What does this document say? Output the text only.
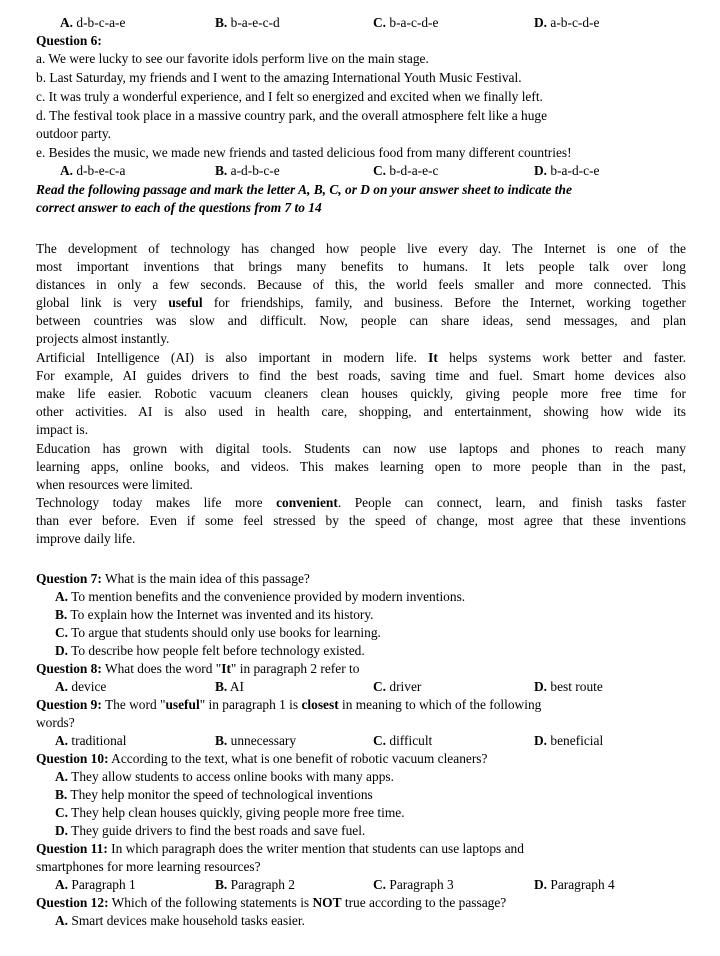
A. d-b-c-a-e	B. b-a-e-c-d	C. b-a-c-d-e	D. a-b-c-d-e
Question 6:
a. We were lucky to see our favorite idols perform live on the main stage.
b. Last Saturday, my friends and I went to the amazing International Youth Music Festival.
c. It was truly a wonderful experience, and I felt so energized and excited when we finally left.
d. The festival took place in a massive country park, and the overall atmosphere felt like a huge
outdoor party.
e. Besides the music, we made new friends and tasted delicious food from many different countries!
A. d-b-e-c-a	B. a-d-b-c-e	C. b-d-a-e-c	D. b-a-d-c-e
Read the following passage and mark the letter A, B, C, or D on your answer sheet to indicate the
correct answer to each of the questions from 7 to 14
The development of technology has changed how people live every day. The Internet is one of the
most important inventions that brings many benefits to humans. It lets people talk over long
distances in only a few seconds. Because of this, the world feels smaller and more connected. This
global link is very useful for friendships, family, and business. Before the Internet, working together
between countries was slow and difficult. Now, people can share ideas, send messages, and plan
projects almost instantly.
Artificial Intelligence (AI) is also important in modern life. It helps systems work better and faster.
For example, AI guides drivers to find the best roads, saving time and fuel. Smart home devices also
make life easier. Robotic vacuum cleaners clean houses quickly, giving people more free time for
other activities. AI is also used in health care, shopping, and entertainment, showing how wide its
impact is.
Education has grown with digital tools. Students can now use laptops and phones to reach many
learning apps, online books, and videos. This makes learning open to more people than in the past,
when resources were limited.
Technology today makes life more convenient. People can connect, learn, and finish tasks faster
than ever before. Even if some feel stressed by the speed of change, most agree that these inventions
improve daily life.
Question 7: What is the main idea of this passage?
A. To mention benefits and the convenience provided by modern inventions.
B. To explain how the Internet was invented and its history.
C. To argue that students should only use books for learning.
D. To describe how people felt before technology existed.
Question 8: What does the word "It" in paragraph 2 refer to
A. device	B. AI	C. driver	D. best route
Question 9: The word "useful" in paragraph 1 is closest in meaning to which of the following
words?
A. traditional	B. unnecessary	C. difficult	D. beneficial
Question 10: According to the text, what is one benefit of robotic vacuum cleaners?
A. They allow students to access online books with many apps.
B. They help monitor the speed of technological inventions
C. They help clean houses quickly, giving people more free time.
D. They guide drivers to find the best roads and save fuel.
Question 11: In which paragraph does the writer mention that students can use laptops and
smartphones for more learning resources?
A. Paragraph 1	B. Paragraph 2	C. Paragraph 3	D. Paragraph 4
Question 12: Which of the following statements is NOT true according to the passage?
A. Smart devices make household tasks easier.
